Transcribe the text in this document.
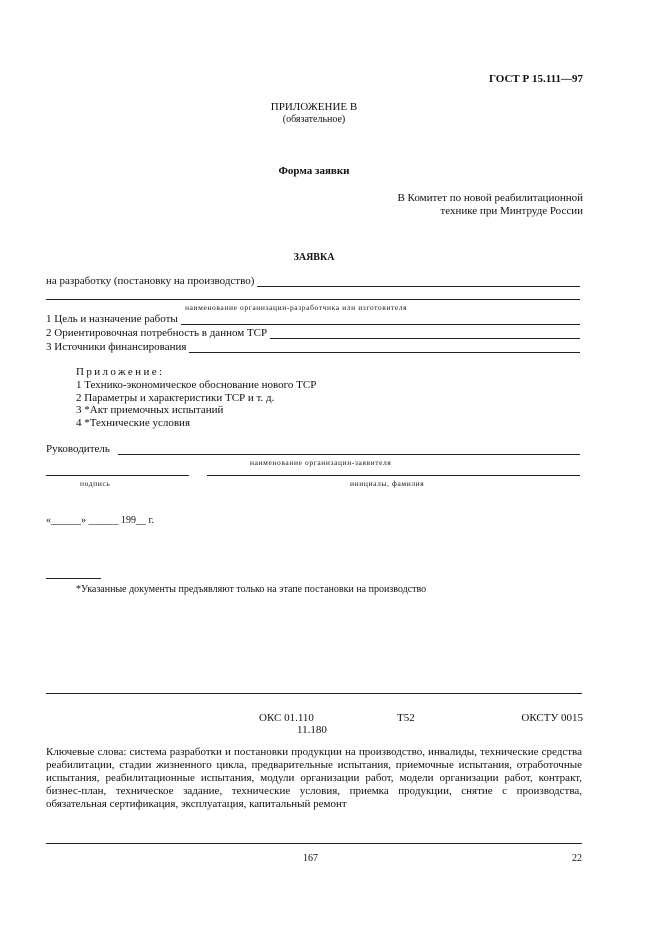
ГОСТ Р 15.111—97
ПРИЛОЖЕНИЕ В
(обязательное)
Форма заявки
В Комитет по новой реабилитационной
технике при Минтруде России
ЗАЯВКА
на разработку (постановку на производство)
наименование организации-разработчика или изготовителя
1 Цель и назначение работы
2 Ориентировочная потребность в данном ТСР
3 Источники финансирования
Приложение:
1 Технико-экономическое обоснование нового ТСР
2 Параметры и характеристики ТСР и т. д.
3 *Акт приемочных испытаний
4 *Технические условия
Руководитель
наименование организации-заявителя
подпись	инициалы, фамилия
«______» ______ 199__ г.
*Указанные документы предъявляют только на этапе постановки на производство
ОКС 01.110
11.180
Т52	ОКСТУ 0015
Ключевые слова: система разработки и постановки продукции на производство, инвалиды, технические средства реабилитации, стадии жизненного цикла, предварительные испытания, приемочные испытания, отработочные испытания, реабилитационные испытания, модули организации работ, модели организации работ, контракт, бизнес-план, техническое задание, технические условия, приемка продукции, снятие с производства, обязательная сертификация, эксплуатация, капитальный ремонт
167	22
